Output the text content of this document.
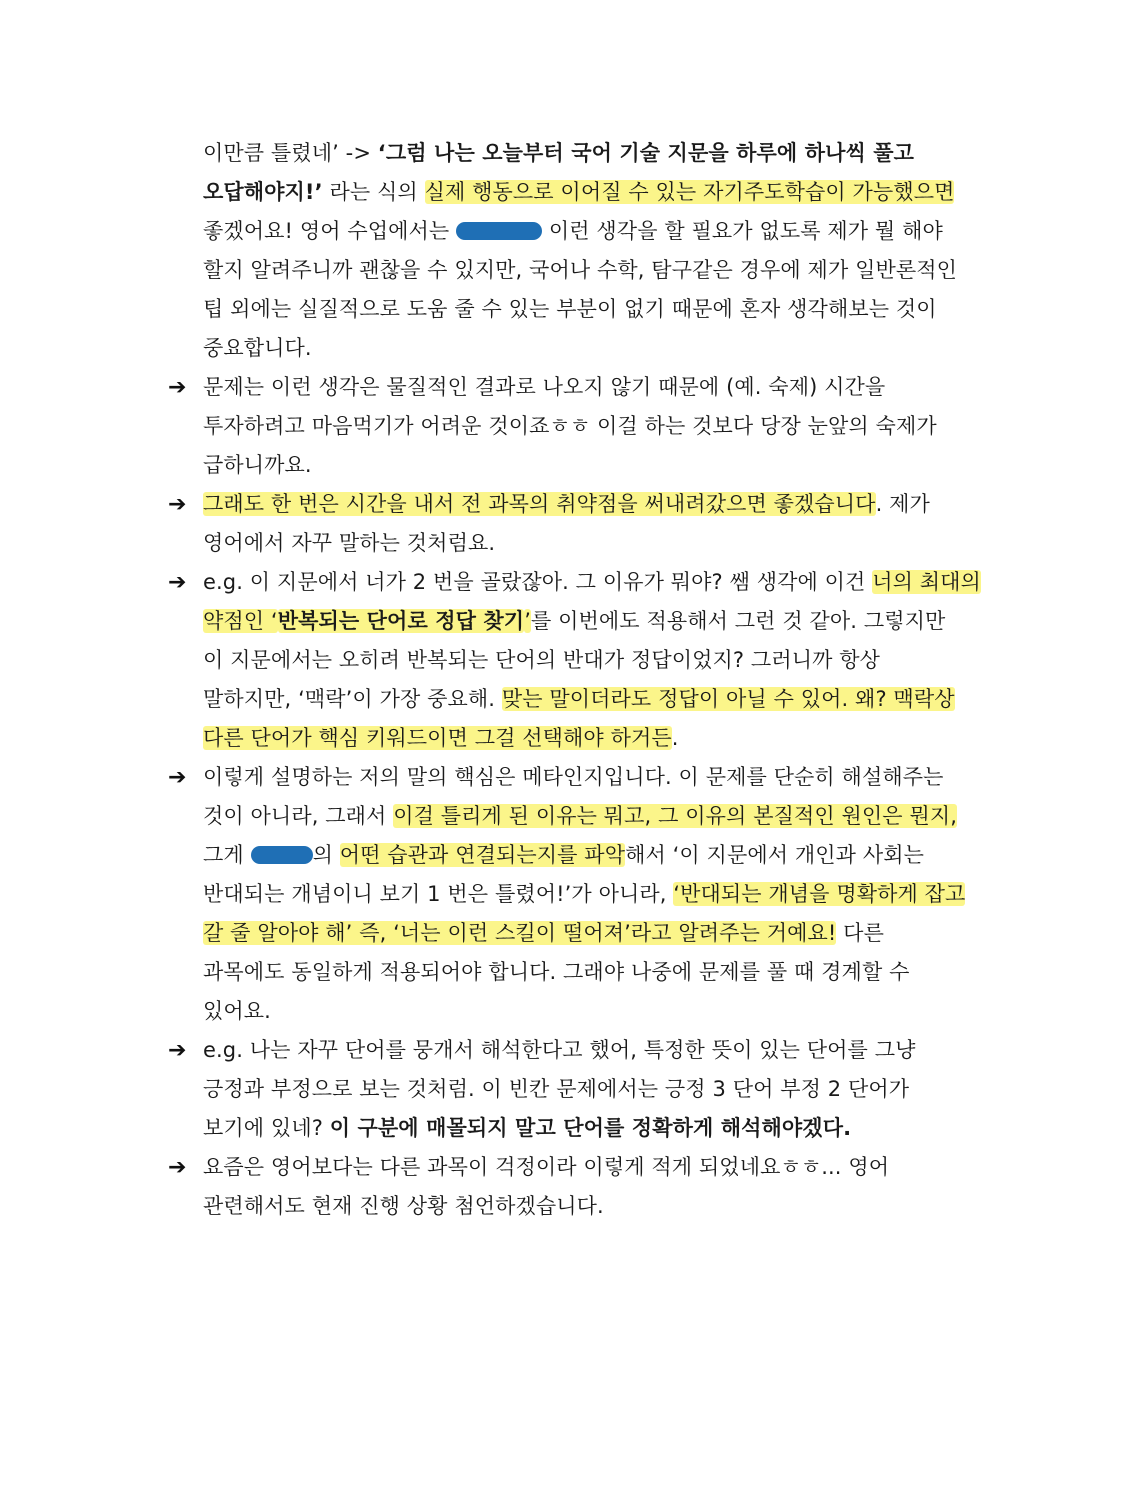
이만큼 틀렸네’ -> ‘그럼 나는 오늘부터 국어 기술 지문을 하루에 하나씩 풀고
오답해야지!’ 라는 식의 실제 행동으로 이어질 수 있는 자기주도학습이 가능했으면
좋겠어요! 영어 수업에서는	이런 생각을 할 필요가 없도록 제가 뭘 해야
할지 알려주니까 괜찮을 수 있지만, 국어나 수학, 탐구같은 경우에 제가 일반론적인
팁 외에는 실질적으로 도움 줄 수 있는 부분이 없기 때문에 혼자 생각해보는 것이
중요합니다.
➔ 문제는 이런 생각은 물질적인 결과로 나오지 않기 때문에 (예. 숙제) 시간을
투자하려고 마음먹기가 어려운 것이죠ㅎㅎ 이걸 하는 것보다 당장 눈앞의 숙제가
급하니까요.
➔ 그래도 한 번은 시간을 내서 전 과목의 취약점을 써내려갔으면 좋겠습니다. 제가
영어에서 자꾸 말하는 것처럼요.
➔ e.g. 이 지문에서 너가 2 번을 골랐잖아. 그 이유가 뭐야? 쌤 생각에 이건 너의 최대의
약점인 ‘반복되는 단어로 정답 찾기’를 이번에도 적용해서 그런 것 같아. 그렇지만
이 지문에서는 오히려 반복되는 단어의 반대가 정답이었지? 그러니까 항상
말하지만, ‘맥락’이 가장 중요해. 맞는 말이더라도 정답이 아닐 수 있어. 왜? 맥락상
다른 단어가 핵심 키워드이면 그걸 선택해야 하거든.
➔ 이렇게 설명하는 저의 말의 핵심은 메타인지입니다. 이 문제를 단순히 해설해주는
것이 아니라, 그래서 이걸 틀리게 된 이유는 뭐고, 그 이유의 본질적인 원인은 뭔지,
그게	의 어떤 습관과 연결되는지를 파악해서 ‘이 지문에서 개인과 사회는
반대되는 개념이니 보기 1 번은 틀렸어!’가 아니라, ‘반대되는 개념을 명확하게 잡고
갈 줄 알아야 해’ 즉, ‘너는 이런 스킬이 떨어져’라고 알려주는 거예요! 다른
과목에도 동일하게 적용되어야 합니다. 그래야 나중에 문제를 풀 때 경계할 수
있어요.
➔ e.g. 나는 자꾸 단어를 뭉개서 해석한다고 했어, 특정한 뜻이 있는 단어를 그냥
긍정과 부정으로 보는 것처럼. 이 빈칸 문제에서는 긍정 3 단어 부정 2 단어가
보기에 있네? 이 구분에 매몰되지 말고 단어를 정확하게 해석해야겠다.
➔ 요즘은 영어보다는 다른 과목이 걱정이라 이렇게 적게 되었네요ㅎㅎ... 영어
관련해서도 현재 진행 상황 첨언하겠습니다.
